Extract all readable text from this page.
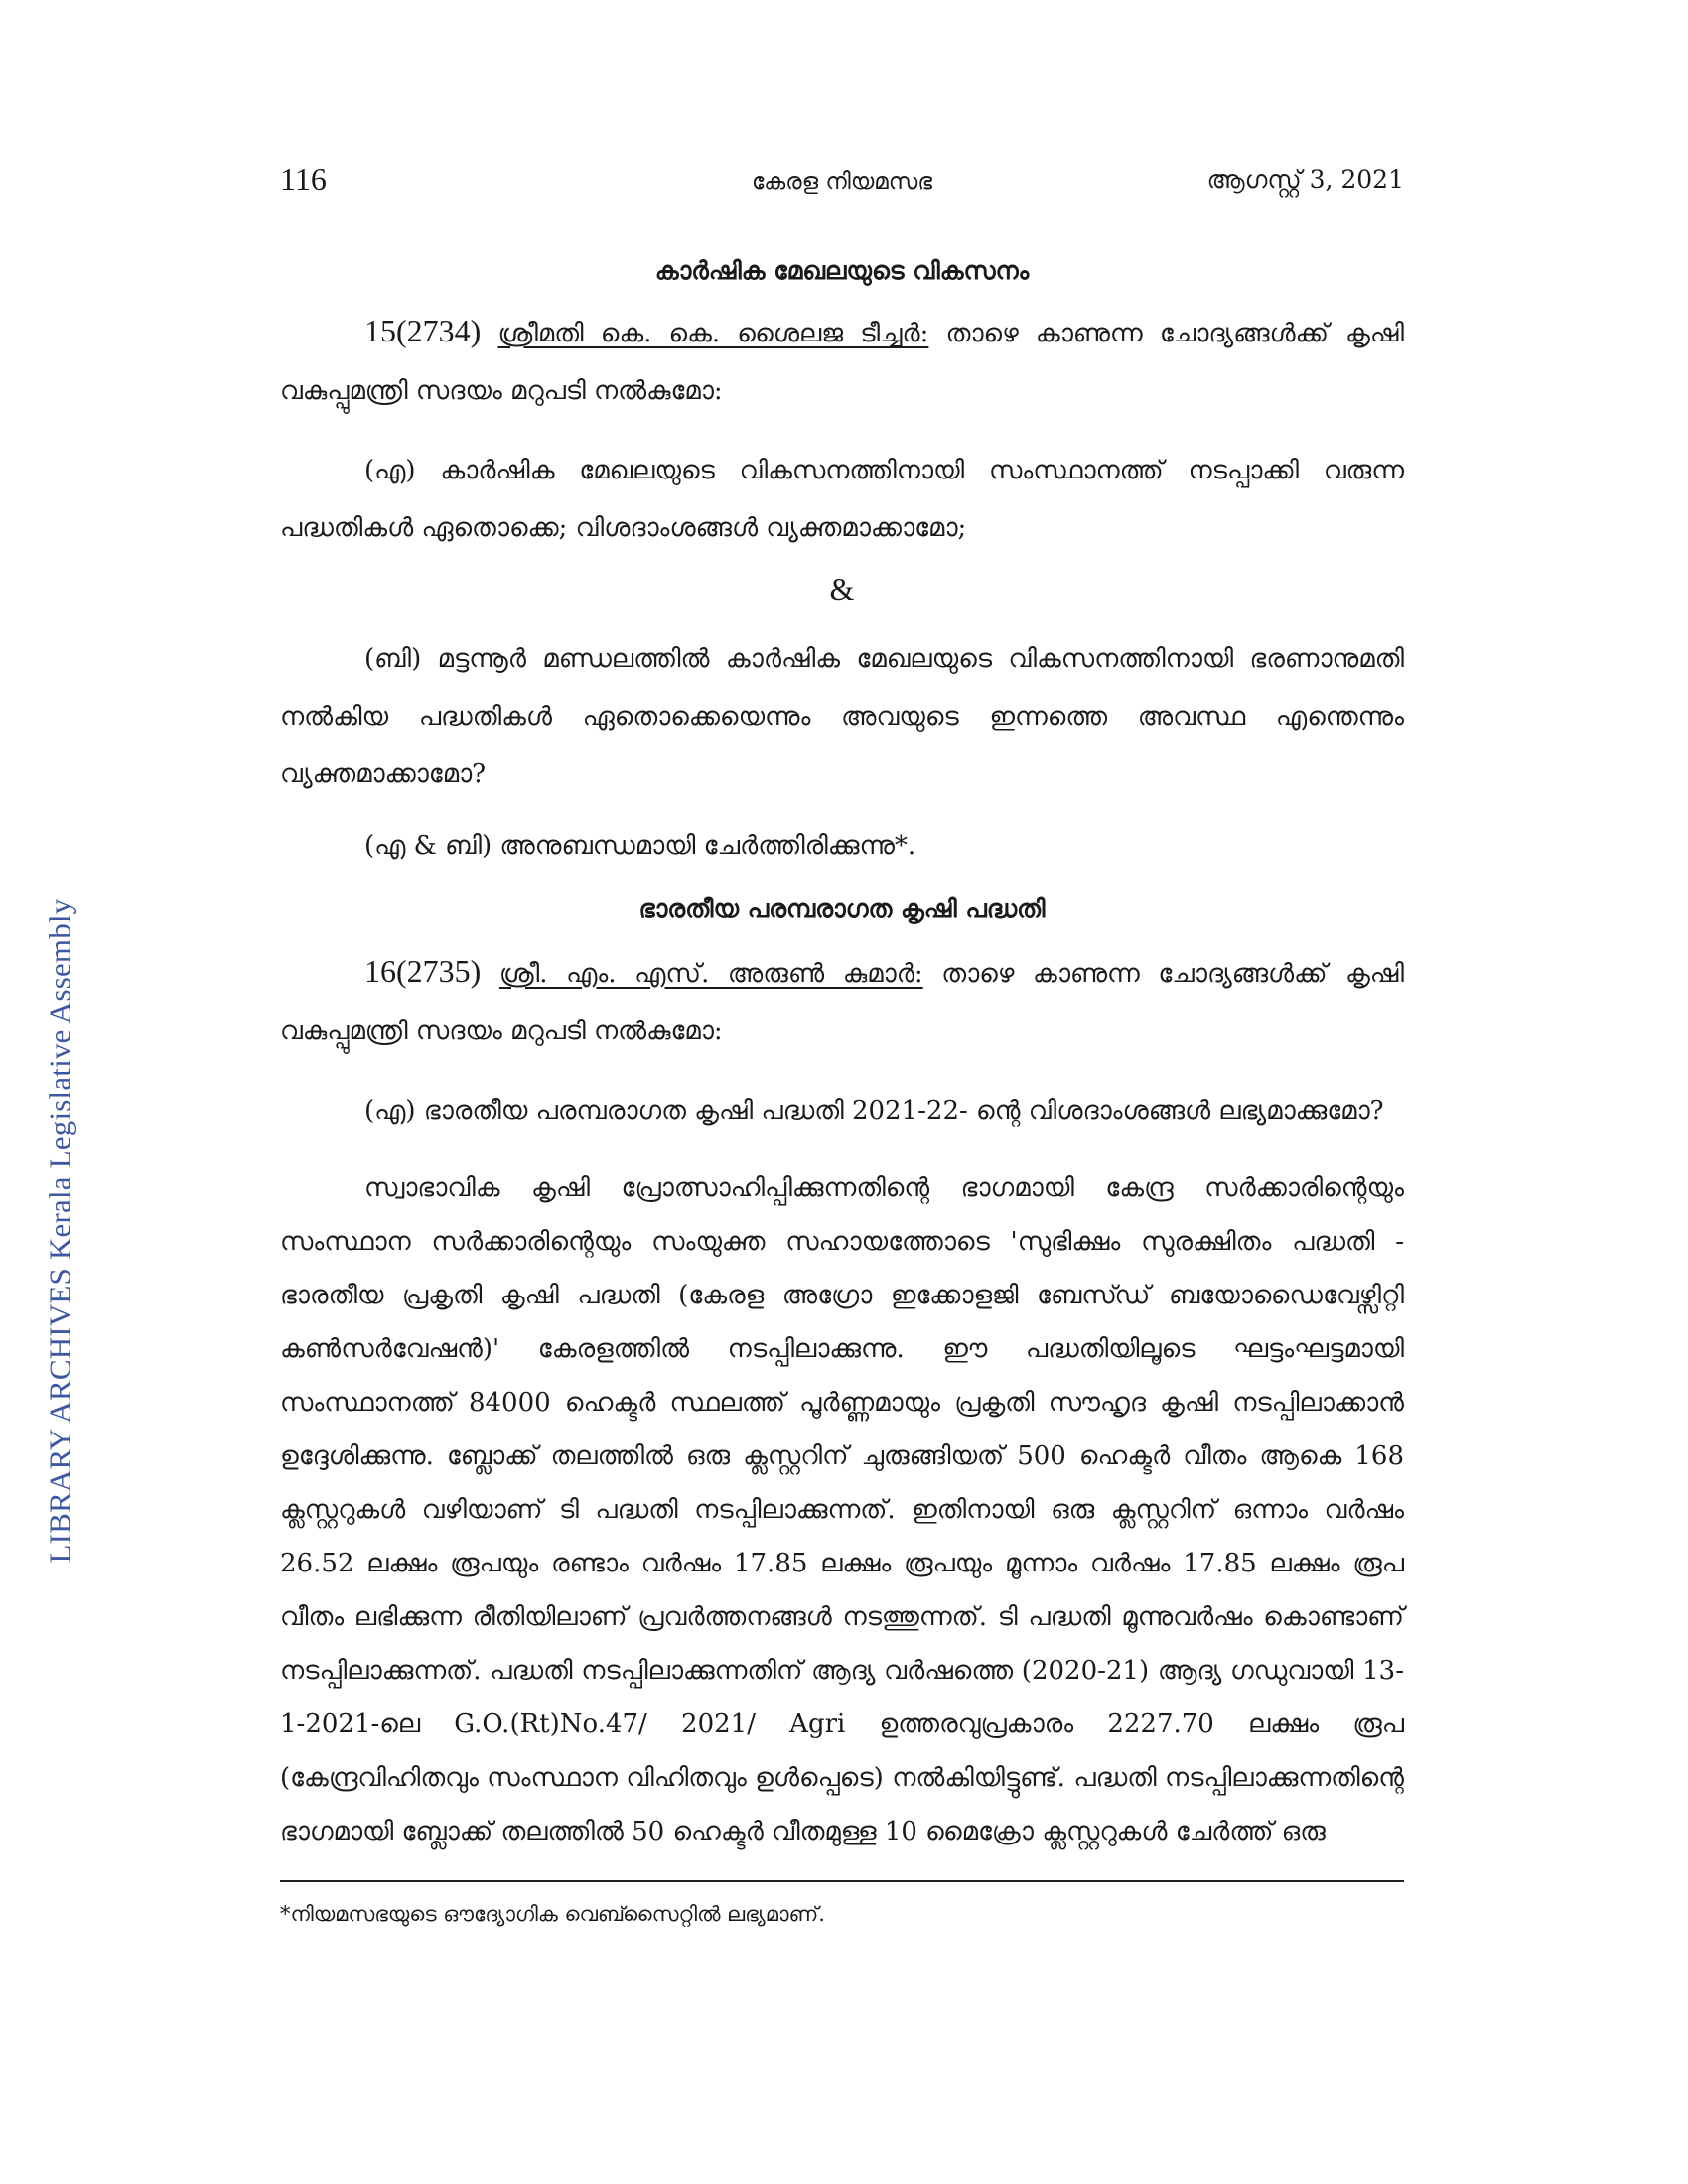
LIBRARY ARCHIVES Kerala Legislative Assembly
116	കേരള നിയമസഭ	ആഗസ്റ്റ് 3, 2021
കാർഷിക മേഖലയുടെ വികസനം

15(2734) ശ്രീമതി കെ. കെ. ശൈലജ ടീച്ചർ: താഴെ കാണുന്ന ചോദ്യങ്ങൾക്ക് കൃഷി വകുപ്പുമന്ത്രി സദയം മറുപടി നൽകുമോ:

(എ) കാർഷിക മേഖലയുടെ വികസനത്തിനായി സംസ്ഥാനത്ത് നടപ്പാക്കി വരുന്ന പദ്ധതികൾ ഏതൊക്കെ; വിശദാംശങ്ങൾ വ്യക്തമാക്കാമോ;

&

(ബി) മട്ടന്നൂർ മണ്ഡലത്തിൽ കാർഷിക മേഖലയുടെ വികസനത്തിനായി ഭരണാനുമതി നൽകിയ പദ്ധതികൾ ഏതൊക്കെയെന്നും അവയുടെ ഇന്നത്തെ അവസ്ഥ എന്തെന്നും വ്യക്തമാക്കാമോ?

(എ & ബി) അനുബന്ധമായി ചേർത്തിരിക്കുന്നു*.

ഭാരതീയ പരമ്പരാഗത കൃഷി പദ്ധതി

16(2735) ശ്രീ. എം. എസ്. അരുൺ കുമാർ: താഴെ കാണുന്ന ചോദ്യങ്ങൾക്ക് കൃഷി വകുപ്പുമന്ത്രി സദയം മറുപടി നൽകുമോ:

(എ) ഭാരതീയ പരമ്പരാഗത കൃഷി പദ്ധതി 2021-22- ന്റെ വിശദാംശങ്ങൾ ലഭ്യമാക്കുമോ?

സ്വാഭാവിക കൃഷി പ്രോത്സാഹിപ്പിക്കുന്നതിന്റെ ഭാഗമായി കേന്ദ്ര സർക്കാരിന്റെയും സംസ്ഥാന സർക്കാരിന്റെയും സംയുക്ത സഹായത്തോടെ 'സുഭിക്ഷം സുരക്ഷിതം പദ്ധതി - ഭാരതീയ പ്രകൃതി കൃഷി പദ്ധതി (കേരള അഗ്രോ ഇക്കോളജി ബേസ്ഡ് ബയോഡൈവേഴ്സിറ്റി കൺസർവേഷൻ)' കേരളത്തിൽ നടപ്പിലാക്കുന്നു. ഈ പദ്ധതിയിലൂടെ ഘട്ടംഘട്ടമായി സംസ്ഥാനത്ത് 84000 ഹെക്ടർ സ്ഥലത്ത് പൂർണ്ണമായും പ്രകൃതി സൗഹൃദ കൃഷി നടപ്പിലാക്കാൻ ഉദ്ദേശിക്കുന്നു. ബ്ലോക്ക് തലത്തിൽ ഒരു ക്ലസ്റ്ററിന് ചുരുങ്ങിയത് 500 ഹെക്ടർ വീതം ആകെ 168 ക്ലസ്റ്ററുകൾ വഴിയാണ് ടി പദ്ധതി നടപ്പിലാക്കുന്നത്. ഇതിനായി ഒരു ക്ലസ്റ്ററിന് ഒന്നാം വർഷം 26.52 ലക്ഷം രൂപയും രണ്ടാം വർഷം 17.85 ലക്ഷം രൂപയും മൂന്നാം വർഷം 17.85 ലക്ഷം രൂപ വീതം ലഭിക്കുന്ന രീതിയിലാണ് പ്രവർത്തനങ്ങൾ നടത്തുന്നത്. ടി പദ്ധതി മൂന്നുവർഷം കൊണ്ടാണ് നടപ്പിലാക്കുന്നത്. പദ്ധതി നടപ്പിലാക്കുന്നതിന് ആദ്യ വർഷത്തെ (2020-21) ആദ്യ ഗഡുവായി 13-1-2021-ലെ G.O.(Rt)No.47/ 2021/ Agri ഉത്തരവുപ്രകാരം 2227.70 ലക്ഷം രൂപ (കേന്ദ്രവിഹിതവും സംസ്ഥാന വിഹിതവും ഉൾപ്പെടെ) നൽകിയിട്ടുണ്ട്. പദ്ധതി നടപ്പിലാക്കുന്നതിന്റെ ഭാഗമായി ബ്ലോക്ക് തലത്തിൽ 50 ഹെക്ടർ വീതമുള്ള 10 മൈക്രോ ക്ലസ്റ്ററുകൾ ചേർത്ത് ഒരു

*നിയമസഭയുടെ ഔദ്യോഗിക വെബ്സൈറ്റിൽ ലഭ്യമാണ്.
